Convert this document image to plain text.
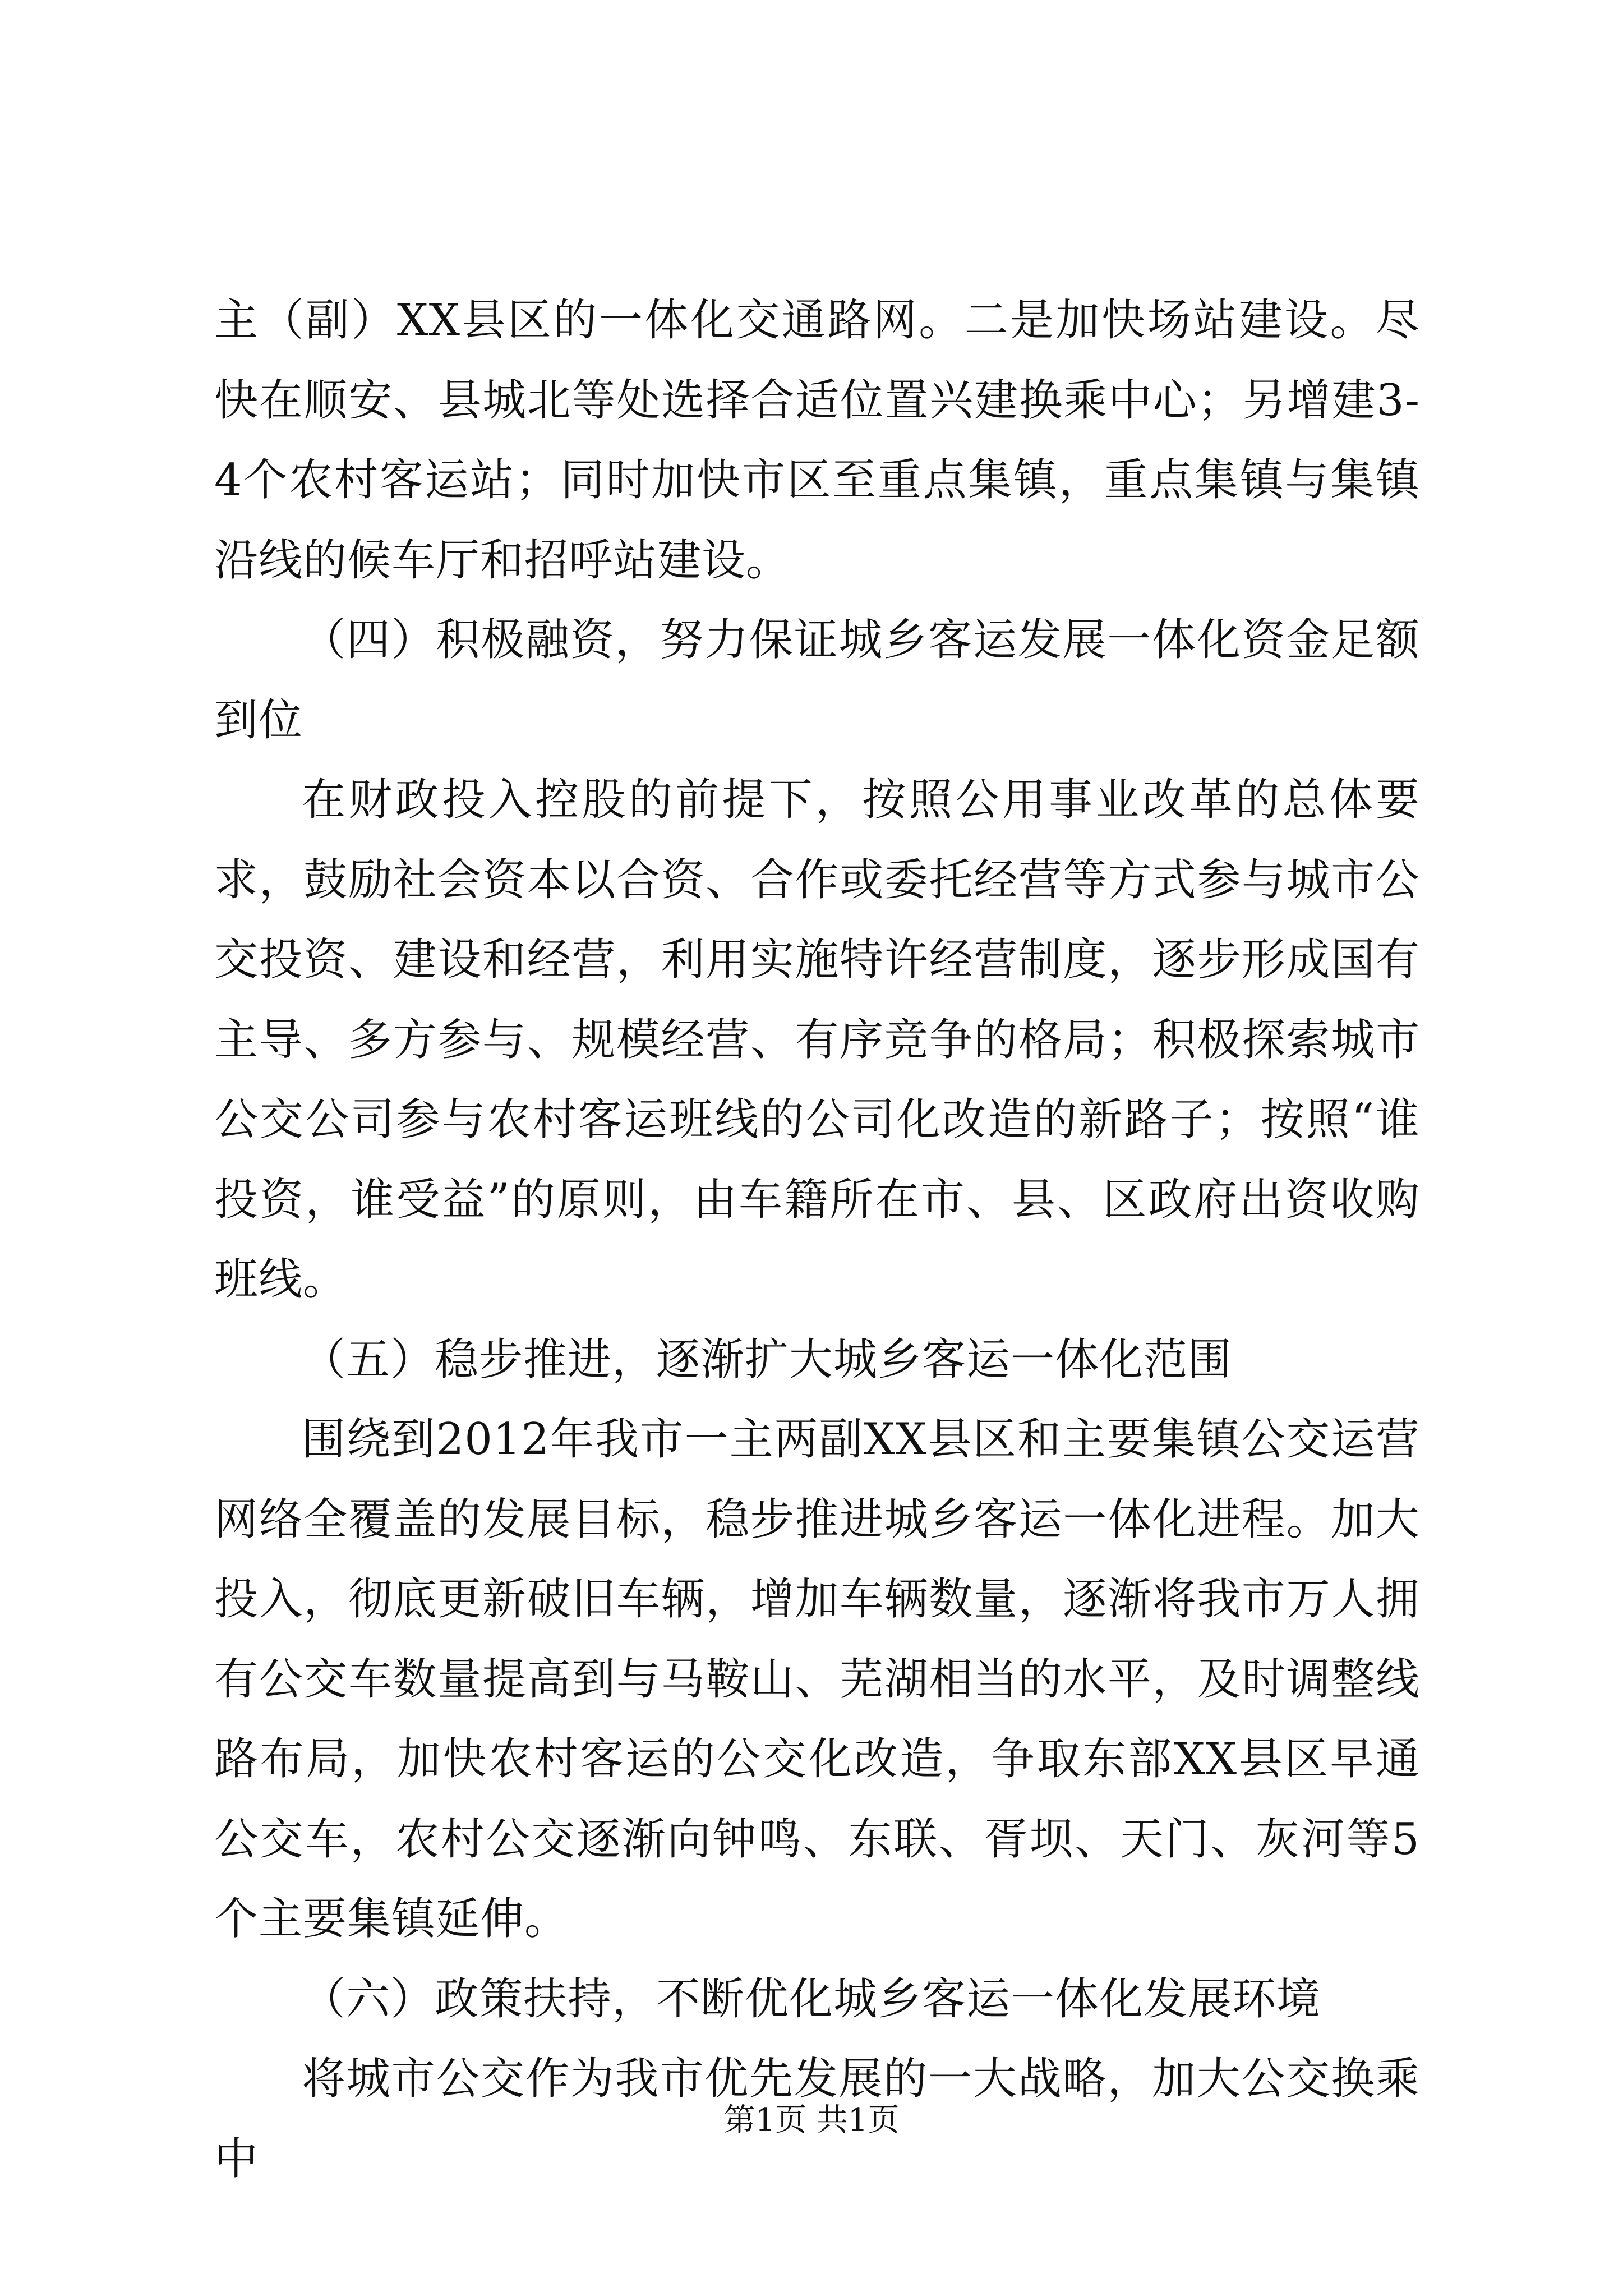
主（副）XX县区的一体化交通路网。二是加快场站建设。尽快在顺安、县城北等处选择合适位置兴建换乘中心；另增建3-4个农村客运站；同时加快市区至重点集镇，重点集镇与集镇沿线的候车厅和招呼站建设。

（四）积极融资，努力保证城乡客运发展一体化资金足额到位

在财政投入控股的前提下，按照公用事业改革的总体要求，鼓励社会资本以合资、合作或委托经营等方式参与城市公交投资、建设和经营，利用实施特许经营制度，逐步形成国有主导、多方参与、规模经营、有序竞争的格局；积极探索城市公交公司参与农村客运班线的公司化改造的新路子；按照“谁投资，谁受益”的原则，由车籍所在市、县、区政府出资收购班线。

（五）稳步推进，逐渐扩大城乡客运一体化范围

围绕到2012年我市一主两副XX县区和主要集镇公交运营网络全覆盖的发展目标，稳步推进城乡客运一体化进程。加大投入，彻底更新破旧车辆，增加车辆数量，逐渐将我市万人拥有公交车数量提高到与马鞍山、芜湖相当的水平，及时调整线路布局，加快农村客运的公交化改造，争取东部XX县区早通公交车，农村公交逐渐向钟鸣、东联、胥坝、天门、灰河等5个主要集镇延伸。

（六）政策扶持，不断优化城乡客运一体化发展环境

将城市公交作为我市优先发展的一大战略，加大公交换乘中

第1页 共1页
